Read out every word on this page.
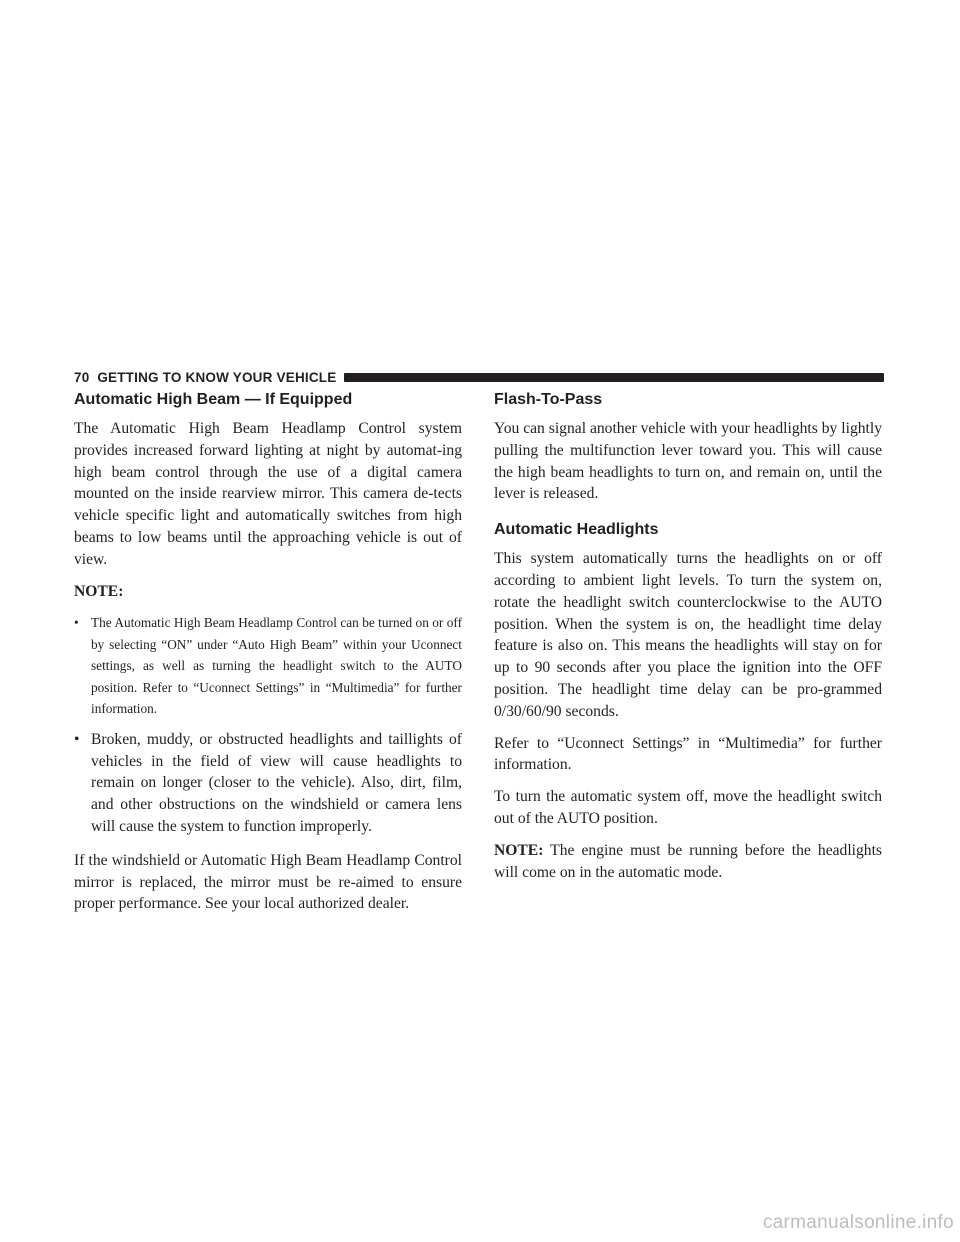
70 GETTING TO KNOW YOUR VEHICLE
Automatic High Beam — If Equipped

The Automatic High Beam Headlamp Control system provides increased forward lighting at night by automat-ing high beam control through the use of a digital camera mounted on the inside rearview mirror. This camera de-tects vehicle specific light and automatically switches from high beams to low beams until the approaching vehicle is out of view.

NOTE:

• The Automatic High Beam Headlamp Control can be turned on or off by selecting “ON” under “Auto High Beam” within your Uconnect settings, as well as turning the headlight switch to the AUTO position. Refer to “Uconnect Settings” in “Multimedia” for further information.
• Broken, muddy, or obstructed headlights and taillights of vehicles in the field of view will cause headlights to remain on longer (closer to the vehicle). Also, dirt, film, and other obstructions on the windshield or camera lens will cause the system to function improperly.

If the windshield or Automatic High Beam Headlamp Control mirror is replaced, the mirror must be re-aimed to ensure proper performance. See your local authorized dealer.

Flash-To-Pass

You can signal another vehicle with your headlights by lightly pulling the multifunction lever toward you. This will cause the high beam headlights to turn on, and remain on, until the lever is released.

Automatic Headlights

This system automatically turns the headlights on or off according to ambient light levels. To turn the system on, rotate the headlight switch counterclockwise to the AUTO position. When the system is on, the headlight time delay feature is also on. This means the headlights will stay on for up to 90 seconds after you place the ignition into the OFF position. The headlight time delay can be pro-grammed 0/30/60/90 seconds.

Refer to “Uconnect Settings” in “Multimedia” for further information.

To turn the automatic system off, move the headlight switch out of the AUTO position.

NOTE: The engine must be running before the headlights will come on in the automatic mode.

carmanualsonline.info
